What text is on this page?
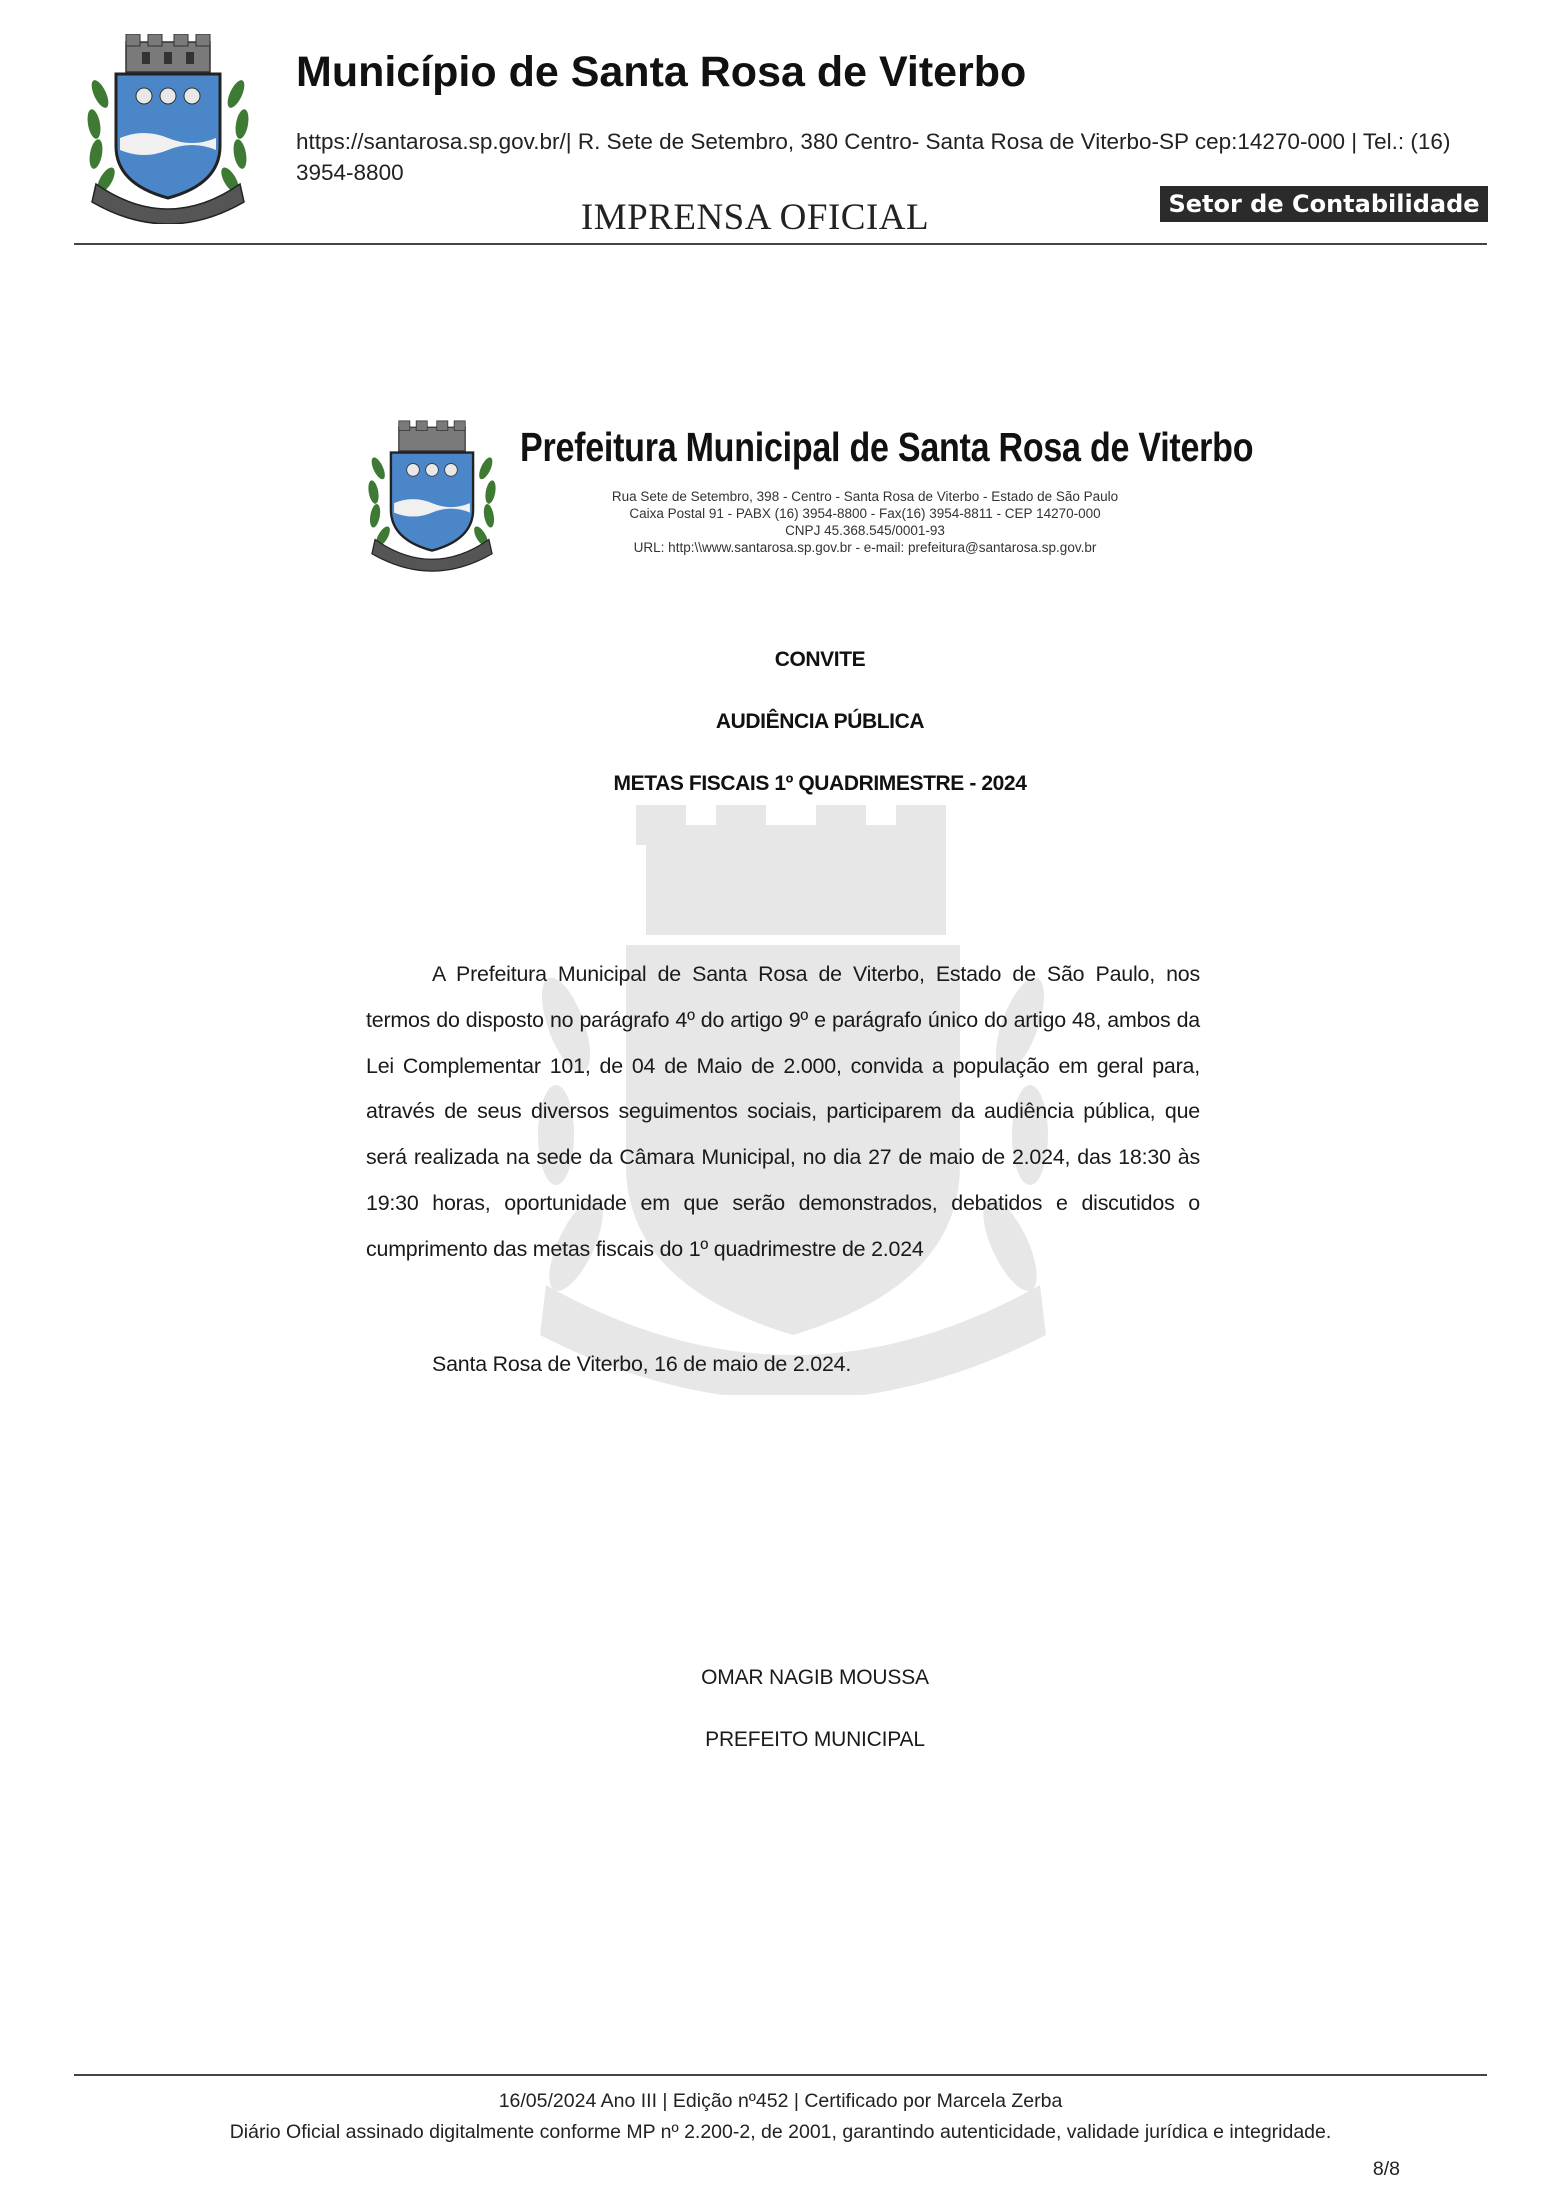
Município de Santa Rosa de Viterbo
https://santarosa.sp.gov.br/| R. Sete de Setembro, 380 Centro- Santa Rosa de Viterbo-SP cep:14270-000 | Tel.: (16) 3954-8800
IMPRENSA OFICIAL	Setor de Contabilidade
Prefeitura Municipal de Santa Rosa de Viterbo
Rua Sete de Setembro, 398 - Centro - Santa Rosa de Viterbo - Estado de São Paulo
Caixa Postal 91 - PABX (16) 3954-8800 - Fax(16) 3954-8811 - CEP 14270-000
CNPJ 45.368.545/0001-93
URL: http:\\www.santarosa.sp.gov.br - e-mail: prefeitura@santarosa.sp.gov.br
CONVITE
AUDIÊNCIA PÚBLICA
METAS FISCAIS 1º QUADRIMESTRE - 2024
A Prefeitura Municipal de Santa Rosa de Viterbo, Estado de São Paulo, nos termos do disposto no parágrafo 4º do artigo 9º e parágrafo único do artigo 48, ambos da Lei Complementar 101, de 04 de Maio de 2.000, convida a população em geral para, através de seus diversos seguimentos sociais, participarem da audiência pública, que será realizada na sede da Câmara Municipal, no dia 27 de maio de 2.024, das 18:30 às 19:30 horas, oportunidade em que serão demonstrados, debatidos e discutidos o cumprimento das metas fiscais do 1º quadrimestre de 2.024
Santa Rosa de Viterbo, 16 de maio de 2.024.
OMAR NAGIB MOUSSA
PREFEITO MUNICIPAL
16/05/2024 Ano III | Edição nº452 | Certificado por Marcela Zerba
Diário Oficial assinado digitalmente conforme MP nº 2.200-2, de 2001, garantindo autenticidade, validade jurídica e integridade.
8/8
